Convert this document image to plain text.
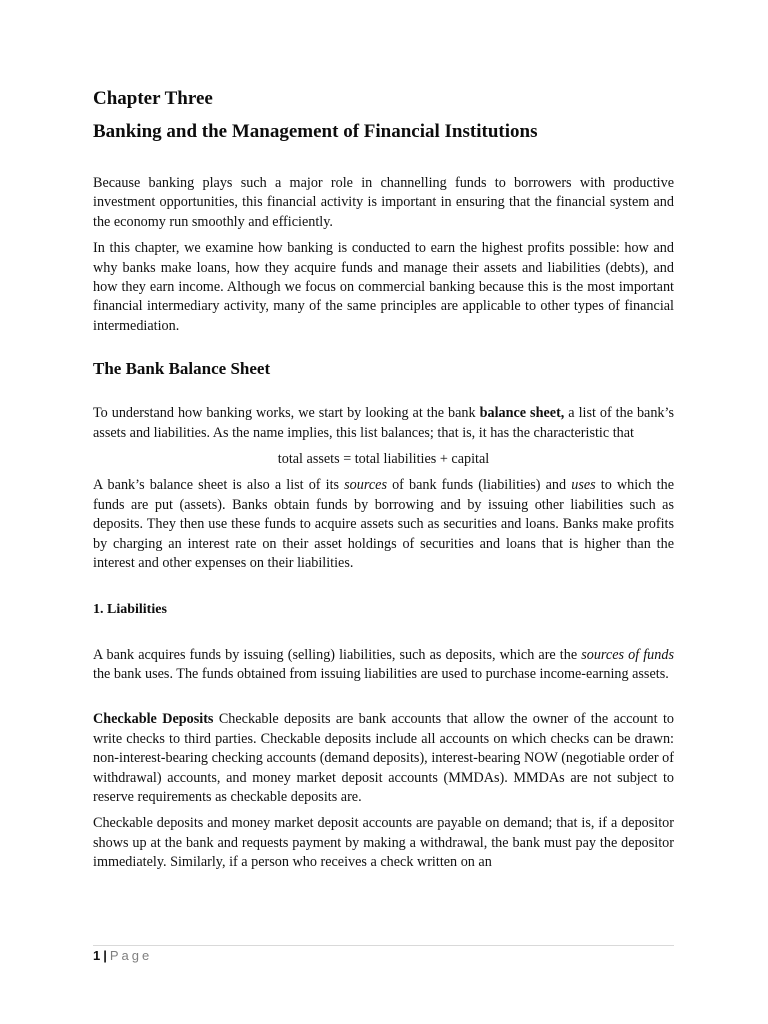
Chapter Three
Banking and the Management of Financial Institutions

Because banking plays such a major role in channelling funds to borrowers with productive investment opportunities, this financial activity is important in ensuring that the financial system and the economy run smoothly and efficiently.

In this chapter, we examine how banking is conducted to earn the highest profits possible: how and why banks make loans, how they acquire funds and manage their assets and liabilities (debts), and how they earn income. Although we focus on commercial banking because this is the most important financial intermediary activity, many of the same principles are applicable to other types of financial intermediation.

The Bank Balance Sheet

To understand how banking works, we start by looking at the bank balance sheet, a list of the bank’s assets and liabilities. As the name implies, this list balances; that is, it has the characteristic that

total assets = total liabilities + capital

A bank’s balance sheet is also a list of its sources of bank funds (liabilities) and uses to which the funds are put (assets). Banks obtain funds by borrowing and by issuing other liabilities such as deposits. They then use these funds to acquire assets such as securities and loans. Banks make profits by charging an interest rate on their asset holdings of securities and loans that is higher than the interest and other expenses on their liabilities.

1. Liabilities

A bank acquires funds by issuing (selling) liabilities, such as deposits, which are the sources of funds the bank uses. The funds obtained from issuing liabilities are used to purchase income-earning assets.

Checkable Deposits Checkable deposits are bank accounts that allow the owner of the account to write checks to third parties. Checkable deposits include all accounts on which checks can be drawn: non-interest-bearing checking accounts (demand deposits), interest-bearing NOW (negotiable order of withdrawal) accounts, and money market deposit accounts (MMDAs). MMDAs are not subject to reserve requirements as checkable deposits are.

Checkable deposits and money market deposit accounts are payable on demand; that is, if a depositor shows up at the bank and requests payment by making a withdrawal, the bank must pay the depositor immediately. Similarly, if a person who receives a check written on an

1 | Page
